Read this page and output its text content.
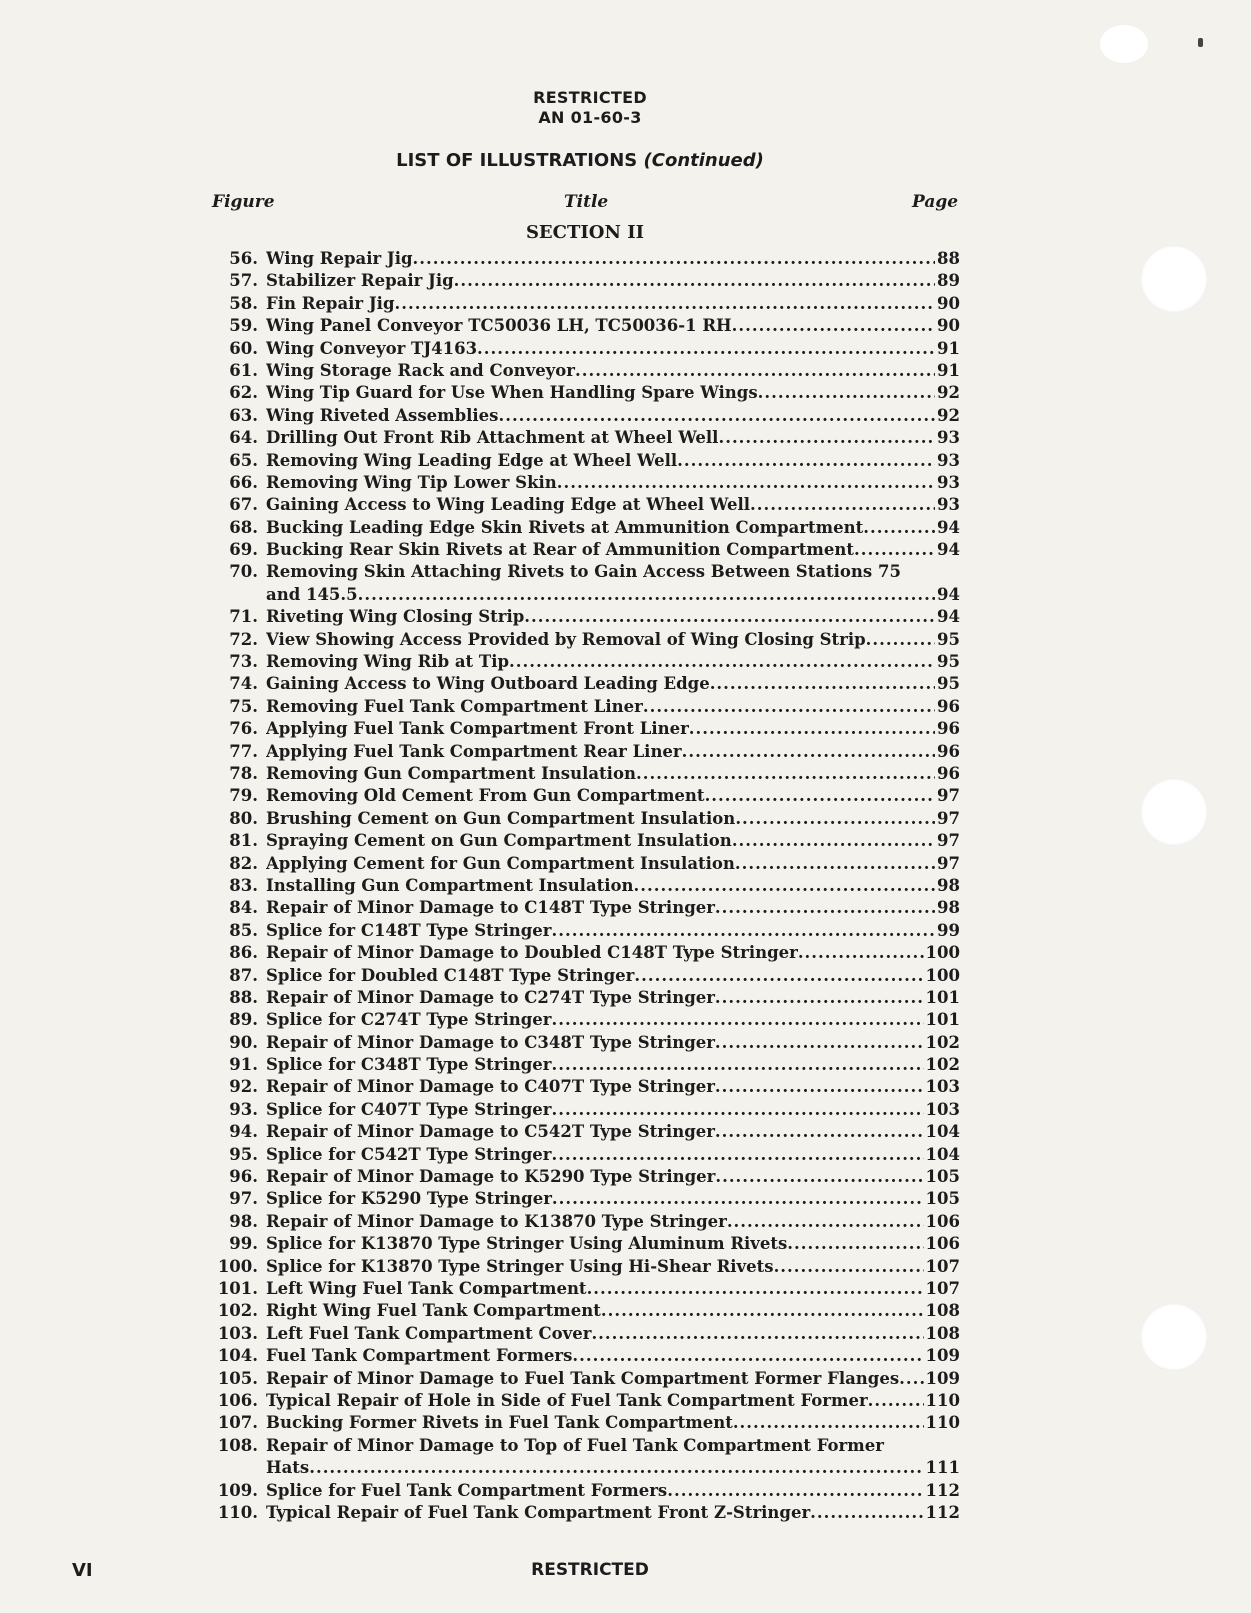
RESTRICTED
AN 01-60-3
LIST OF ILLUSTRATIONS (Continued)
Figure	Title	Page
SECTION II
56. Wing Repair Jig .....	88
57. Stabilizer Repair Jig .....	89
58. Fin Repair Jig .....	90
59. Wing Panel Conveyor TC50036 LH, TC50036-1 RH .....	90
60. Wing Conveyor TJ4163 .....	91
61. Wing Storage Rack and Conveyor .....	91
62. Wing Tip Guard for Use When Handling Spare Wings .....	92
63. Wing Riveted Assemblies .....	92
64. Drilling Out Front Rib Attachment at Wheel Well .....	93
65. Removing Wing Leading Edge at Wheel Well .....	93
66. Removing Wing Tip Lower Skin .....	93
67. Gaining Access to Wing Leading Edge at Wheel Well .....	93
68. Bucking Leading Edge Skin Rivets at Ammunition Compartment .....	94
69. Bucking Rear Skin Rivets at Rear of Ammunition Compartment .....	94
70. Removing Skin Attaching Rivets to Gain Access Between Stations 75
and 145.5 .....	94
71. Riveting Wing Closing Strip .....	94
72. View Showing Access Provided by Removal of Wing Closing Strip .....	95
73. Removing Wing Rib at Tip .....	95
74. Gaining Access to Wing Outboard Leading Edge .....	95
75. Removing Fuel Tank Compartment Liner .....	96
76. Applying Fuel Tank Compartment Front Liner .....	96
77. Applying Fuel Tank Compartment Rear Liner .....	96
78. Removing Gun Compartment Insulation .....	96
79. Removing Old Cement From Gun Compartment .....	97
80. Brushing Cement on Gun Compartment Insulation .....	97
81. Spraying Cement on Gun Compartment Insulation .....	97
82. Applying Cement for Gun Compartment Insulation .....	97
83. Installing Gun Compartment Insulation .....	98
84. Repair of Minor Damage to C148T Type Stringer .....	98
85. Splice for C148T Type Stringer .....	99
86. Repair of Minor Damage to Doubled C148T Type Stringer .....	100
87. Splice for Doubled C148T Type Stringer .....	100
88. Repair of Minor Damage to C274T Type Stringer .....	101
89. Splice for C274T Type Stringer .....	101
90. Repair of Minor Damage to C348T Type Stringer .....	102
91. Splice for C348T Type Stringer .....	102
92. Repair of Minor Damage to C407T Type Stringer .....	103
93. Splice for C407T Type Stringer .....	103
94. Repair of Minor Damage to C542T Type Stringer .....	104
95. Splice for C542T Type Stringer .....	104
96. Repair of Minor Damage to K5290 Type Stringer .....	105
97. Splice for K5290 Type Stringer .....	105
98. Repair of Minor Damage to K13870 Type Stringer .....	106
99. Splice for K13870 Type Stringer Using Aluminum Rivets .....	106
100. Splice for K13870 Type Stringer Using Hi-Shear Rivets .....	107
101. Left Wing Fuel Tank Compartment .....	107
102. Right Wing Fuel Tank Compartment .....	108
103. Left Fuel Tank Compartment Cover .....	108
104. Fuel Tank Compartment Formers .....	109
105. Repair of Minor Damage to Fuel Tank Compartment Former Flanges ..... 109
106. Typical Repair of Hole in Side of Fuel Tank Compartment Former .....	110
107. Bucking Former Rivets in Fuel Tank Compartment .....	110
108. Repair of Minor Damage to Top of Fuel Tank Compartment Former
Hats .....	111
109. Splice for Fuel Tank Compartment Formers .....	112
110. Typical Repair of Fuel Tank Compartment Front Z-Stringer .....	112
VI	RESTRICTED
